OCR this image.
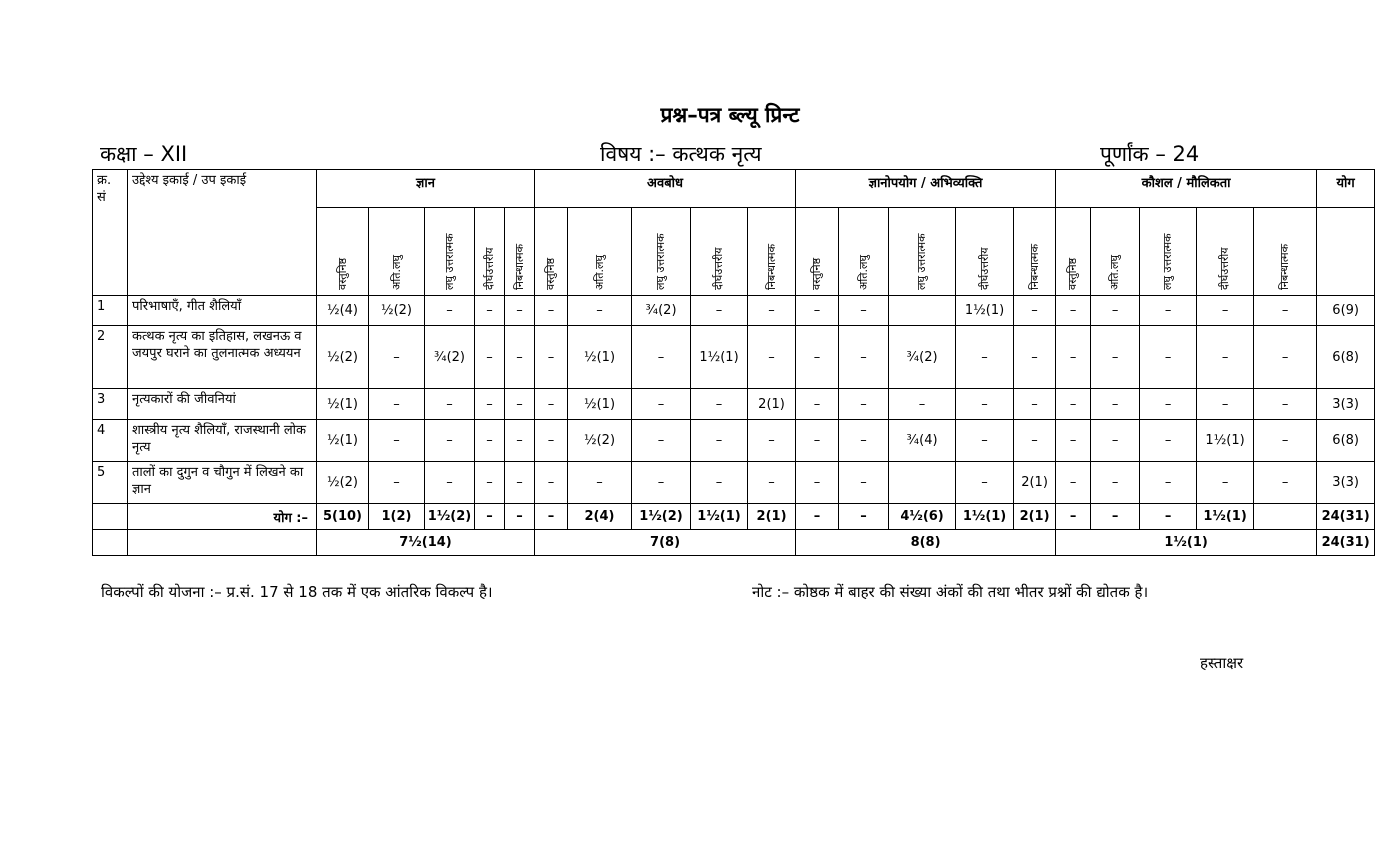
प्रश्न–पत्र ब्ल्यू प्रिन्ट
कक्षा – XII	विषय :– कत्थक नृत्य	पूर्णांक – 24
क्र. सं	उद्देश्य इकाई / उप इकाई	ज्ञान					अवबोध					ज्ञानोपयोग / अभिव्यक्ति					कौशल / मौलिकता					योग
		वस्तुनिष्ठ	अति.लघु	लघु उत्तरात्मक	दीर्घउत्तरीय	निबन्धात्मक	वस्तुनिष्ठ	अति.लघु	लघु उत्तरात्मक	दीर्घउत्तरीय	निबन्धात्मक	वस्तुनिष्ठ	अति.लघु	लघु उत्तरात्मक	दीर्घउत्तरीय	निबन्धात्मक	वस्तुनिष्ठ	अति.लघु	लघु उत्तरात्मक	दीर्घउत्तरीय	निबन्धात्मक	
1	परिभाषाएँ, गीत शैलियाँ	½(4)	½(2)	–	–	–	–	–	¾(2)	–	–	–	–		1½(1)	–	–	–	–	–	–	6(9)
2	कत्थक नृत्य का इतिहास, लखनऊ व जयपुर घराने का तुलनात्मक अध्ययन	½(2)	–	¾(2)	–	–	–	½(1)	–	1½(1)	–	–	–	¾(2)	–	–	–	–	–	–	–	6(8)
3	नृत्यकारों की जीवनियां	½(1)	–	–	–	–	–	½(1)	–	–	2(1)	–	–	–	–	–	–	–	–	–	–	3(3)
4	शास्त्रीय नृत्य शैलियाँ, राजस्थानी लोक नृत्य	½(1)	–	–	–	–	–	½(2)	–	–	–	–	–	¾(4)	–	–	–	–	–	1½(1)	–	6(8)
5	तालों का दुगुन व चौगुन में लिखने का ज्ञान	½(2)	–	–	–	–	–	–	–	–	–	–	–		–	2(1)	–	–	–	–	–	3(3)
	योग :–	5(10)	1(2)	1½(2)	–	–	–	2(4)	1½(2)	1½(1)	2(1)	–	–	4½(6)	1½(1)	2(1)	–	–	–	1½(1)		24(31)
		7½(14)					7(8)					8(8)					1½(1)					24(31)
विकल्पों की योजना :– प्र.सं. 17 से 18 तक में एक आंतरिक विकल्प है।	नोट :– कोष्ठक में बाहर की संख्या अंकों की तथा भीतर प्रश्नों की द्योतक है।
हस्ताक्षर
